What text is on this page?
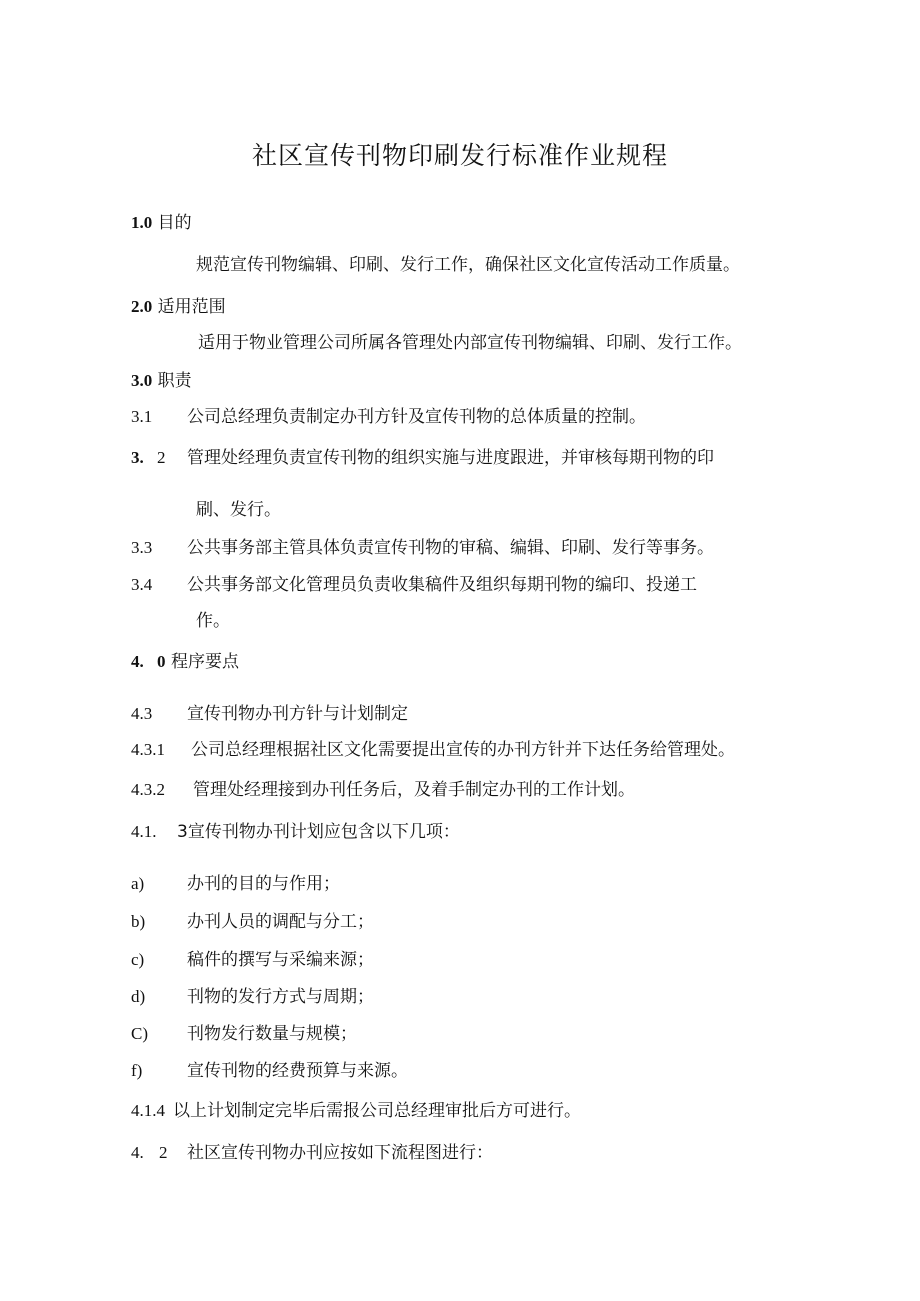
社区宣传刊物印刷发行标准作业规程
1.0 目的
规范宣传刊物编辑、印刷、发行工作，确保社区文化宣传活动工作质量。
2.0 适用范围
适用于物业管理公司所属各管理处内部宣传刊物编辑、印刷、发行工作。
3.0 职责
3.1 公司总经理负责制定办刊方针及宣传刊物的总体质量的控制。
3. 2 管理处经理负责宣传刊物的组织实施与进度跟进，并审核每期刊物的印
刷、发行。
3.3 公共事务部主管具体负责宣传刊物的审稿、编辑、印刷、发行等事务。
3.4 公共事务部文化管理员负责收集稿件及组织每期刊物的编印、投递工
作。
4. 0 程序要点
4.3 宣传刊物办刊方针与计划制定
4.3.1 公司总经理根据社区文化需要提出宣传的办刊方针并下达任务给管理处。
4.3.2 管理处经理接到办刊任务后，及着手制定办刊的工作计划。
4.1. 3宣传刊物办刊计划应包含以下几项：
a)	办刊的目的与作用；
b) 办刊人员的调配与分工；
c)	稿件的撰写与采编来源；
d) 刊物的发行方式与周期；
C) 刊物发行数量与规模；
f)	宣传刊物的经费预算与来源。
4.1.4 以上计划制定完毕后需报公司总经理审批后方可进行。
4. 2 社区宣传刊物办刊应按如下流程图进行：
